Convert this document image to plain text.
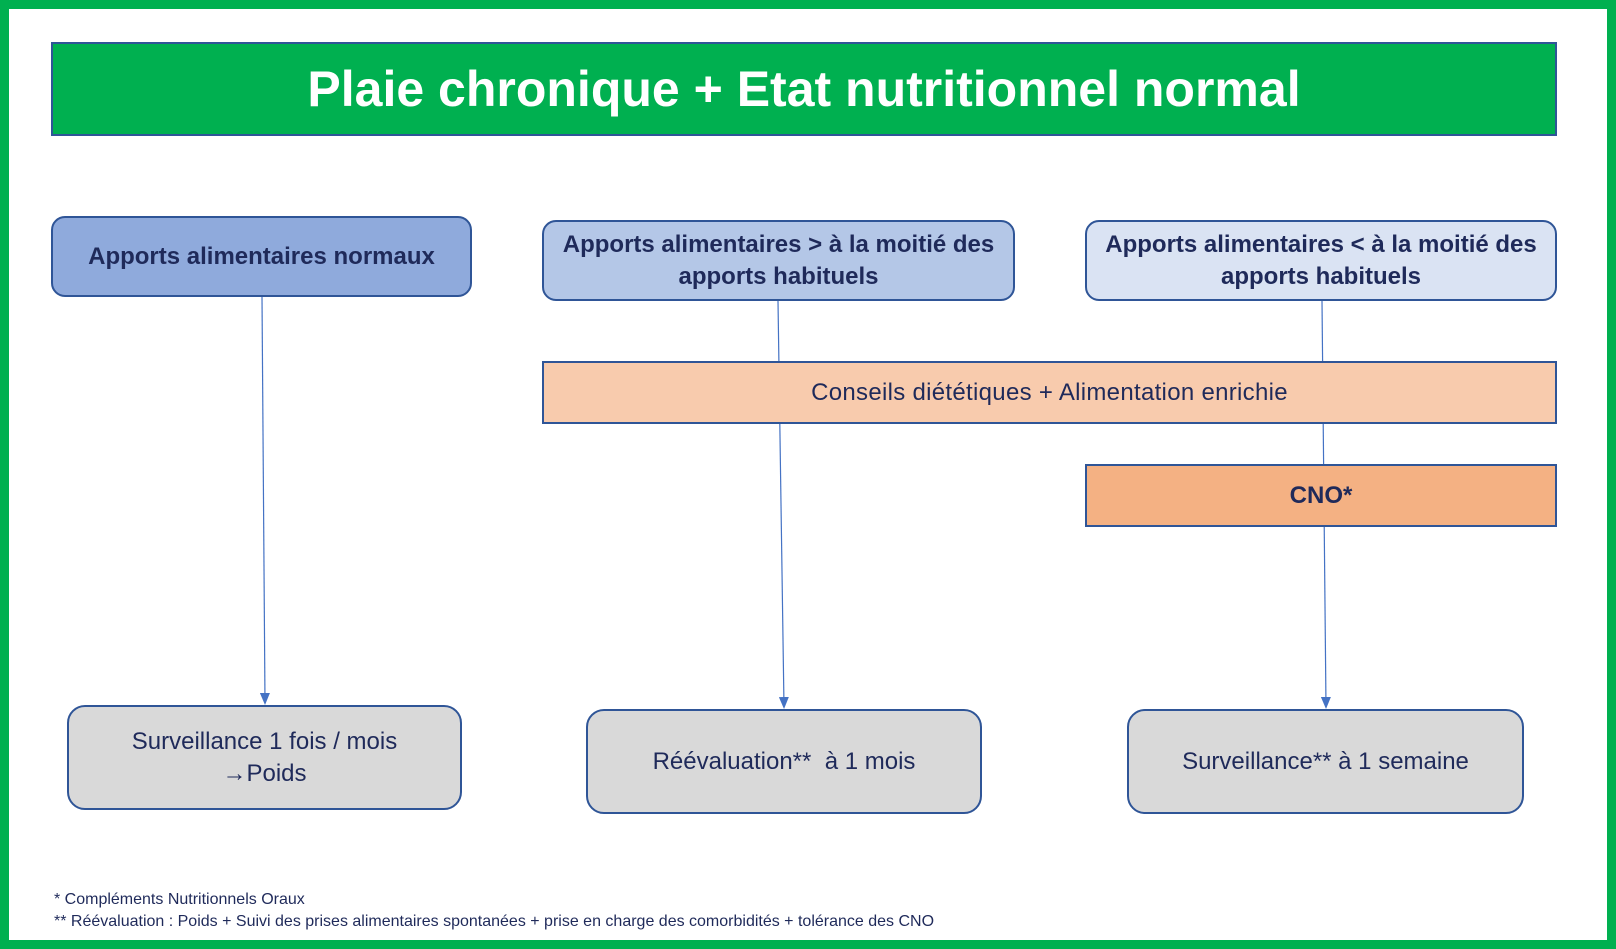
Plaie chronique + Etat nutritionnel normal
Apports alimentaires normaux	Apports alimentaires > à la moitié des apports habituels
Apports alimentaires < à la moitié des apports habituels
Conseils diététiques + Alimentation enrichie
CNO*
Surveillance 1 fois / mois
→Poids	Réévaluation**  à 1 mois	Surveillance** à 1 semaine
* Compléments Nutritionnels Oraux
** Réévaluation : Poids + Suivi des prises alimentaires spontanées + prise en charge des comorbidités + tolérance des CNO
